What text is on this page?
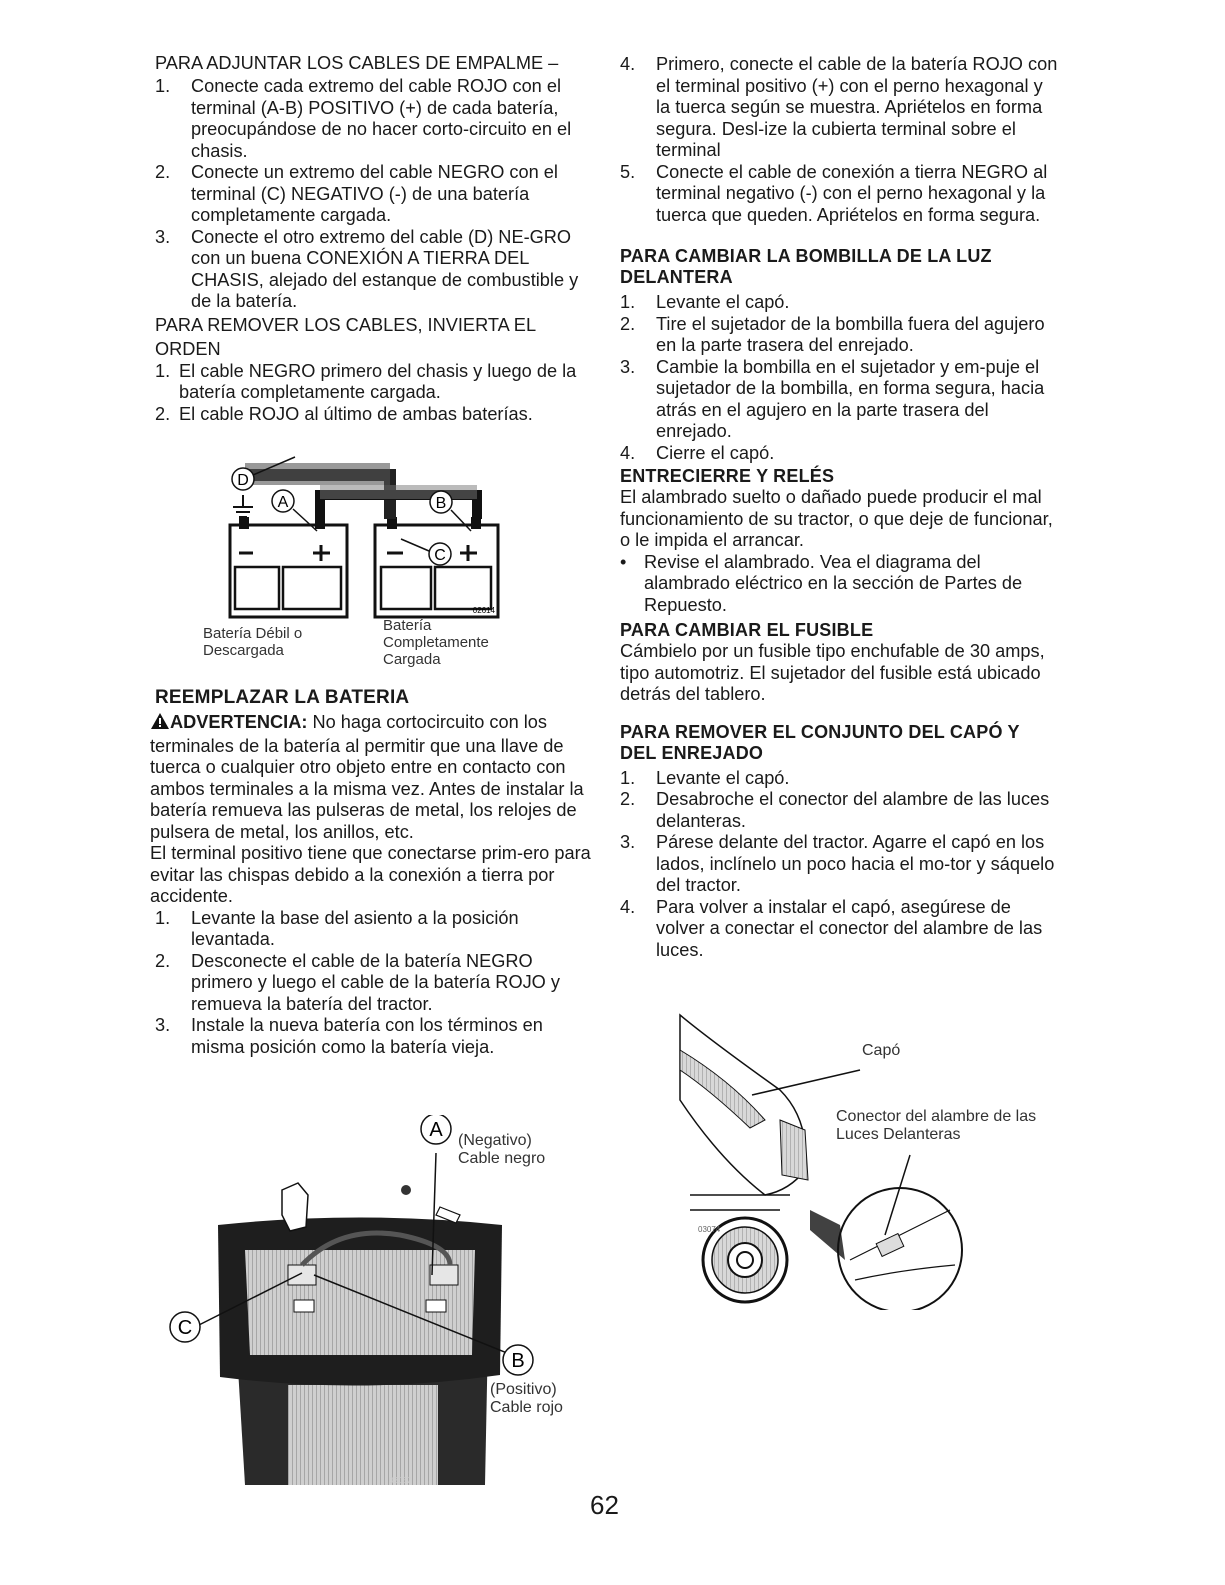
PARA ADJUNTAR LOS CABLES DE EMPALME –

1. Conecte cada extremo del cable ROJO con el terminal (A-B) POSITIVO (+) de cada batería, preocupándose de no hacer corto-circuito en el chasis.

2. Conecte un extremo del cable NEGRO con el terminal (C) NEGATIVO (-) de una batería completamente cargada.

3. Conecte el otro extremo del cable (D) NE-GRO con un buena CONEXIÓN A TIERRA DEL CHASIS, alejado del estanque de combustible y de la batería.

PARA REMOVER LOS CABLES, INVIERTA EL ORDEN

1. El cable NEGRO primero del chasis y luego de la batería completamente cargada.

2. El cable ROJO al último de ambas baterías.

D
A	B
C
02614
Batería Débil o Descargada
Batería Completamente Cargada

REEMPLAZAR LA BATERIA

ADVERTENCIA: No haga cortocircuito con los terminales de la batería al permitir que una llave de tuerca o cualquier otro objeto entre en contacto con ambos terminales a la misma vez. Antes de instalar la batería remueva las pulseras de metal, los relojes de pulsera de metal, los anillos, etc.

El terminal positivo tiene que conectarse prim-ero para evitar las chispas debido a la conexión a tierra por accidente.

1. Levante la base del asiento a la posición levantada.

2. Desconecte el cable de la batería NEGRO primero y luego el cable de la batería ROJO y remueva la batería del tractor.

3. Instale la nueva batería con los términos en misma posición como la batería vieja.

A
C
B
03037
(Negativo)
Cable negro
(Positivo)
Cable rojo

4. Primero, conecte el cable de la batería ROJO con el terminal positivo (+) con el perno hexagonal y la tuerca según se muestra. Apriételos en forma segura. Desl-ize la cubierta terminal sobre el terminal

5. Conecte el cable de conexión a tierra NEGRO al terminal negativo (-) con el perno hexagonal y la tuerca que queden. Apriételos en forma segura.

PARA CAMBIAR LA BOMBILLA DE LA LUZ DELANTERA

1. Levante el capó.

2. Tire el sujetador de la bombilla fuera del agujero en la parte trasera del enrejado.

3. Cambie la bombilla en el sujetador y em-puje el sujetador de la bombilla, en forma segura, hacia atrás en el agujero en la parte trasera del enrejado.

4. Cierre el capó.

ENTRECIERRE Y RELÉS

El alambrado suelto o dañado puede producir el mal funcionamiento de su tractor, o que deje de funcionar, o le impida el arrancar.

• Revise el alambrado. Vea el diagrama del alambrado eléctrico en la sección de Partes de Repuesto.

PARA CAMBIAR EL FUSIBLE

Cámbielo por un fusible tipo enchufable de 30 amps, tipo automotriz. El sujetador del fusible está ubicado detrás del tablero.

PARA REMOVER EL CONJUNTO DEL CAPÓ Y DEL ENREJADO

1. Levante el capó.

2. Desabroche el conector del alambre de las luces delanteras.

3. Párese delante del tractor. Agarre el capó en los lados, inclínelo un poco hacia el mo-tor y sáquelo del tractor.

4. Para volver a instalar el capó, asegúrese de volver a conectar el conector del alambre de las luces.

03074
Capó
Conector del alambre de las Luces Delanteras
62
